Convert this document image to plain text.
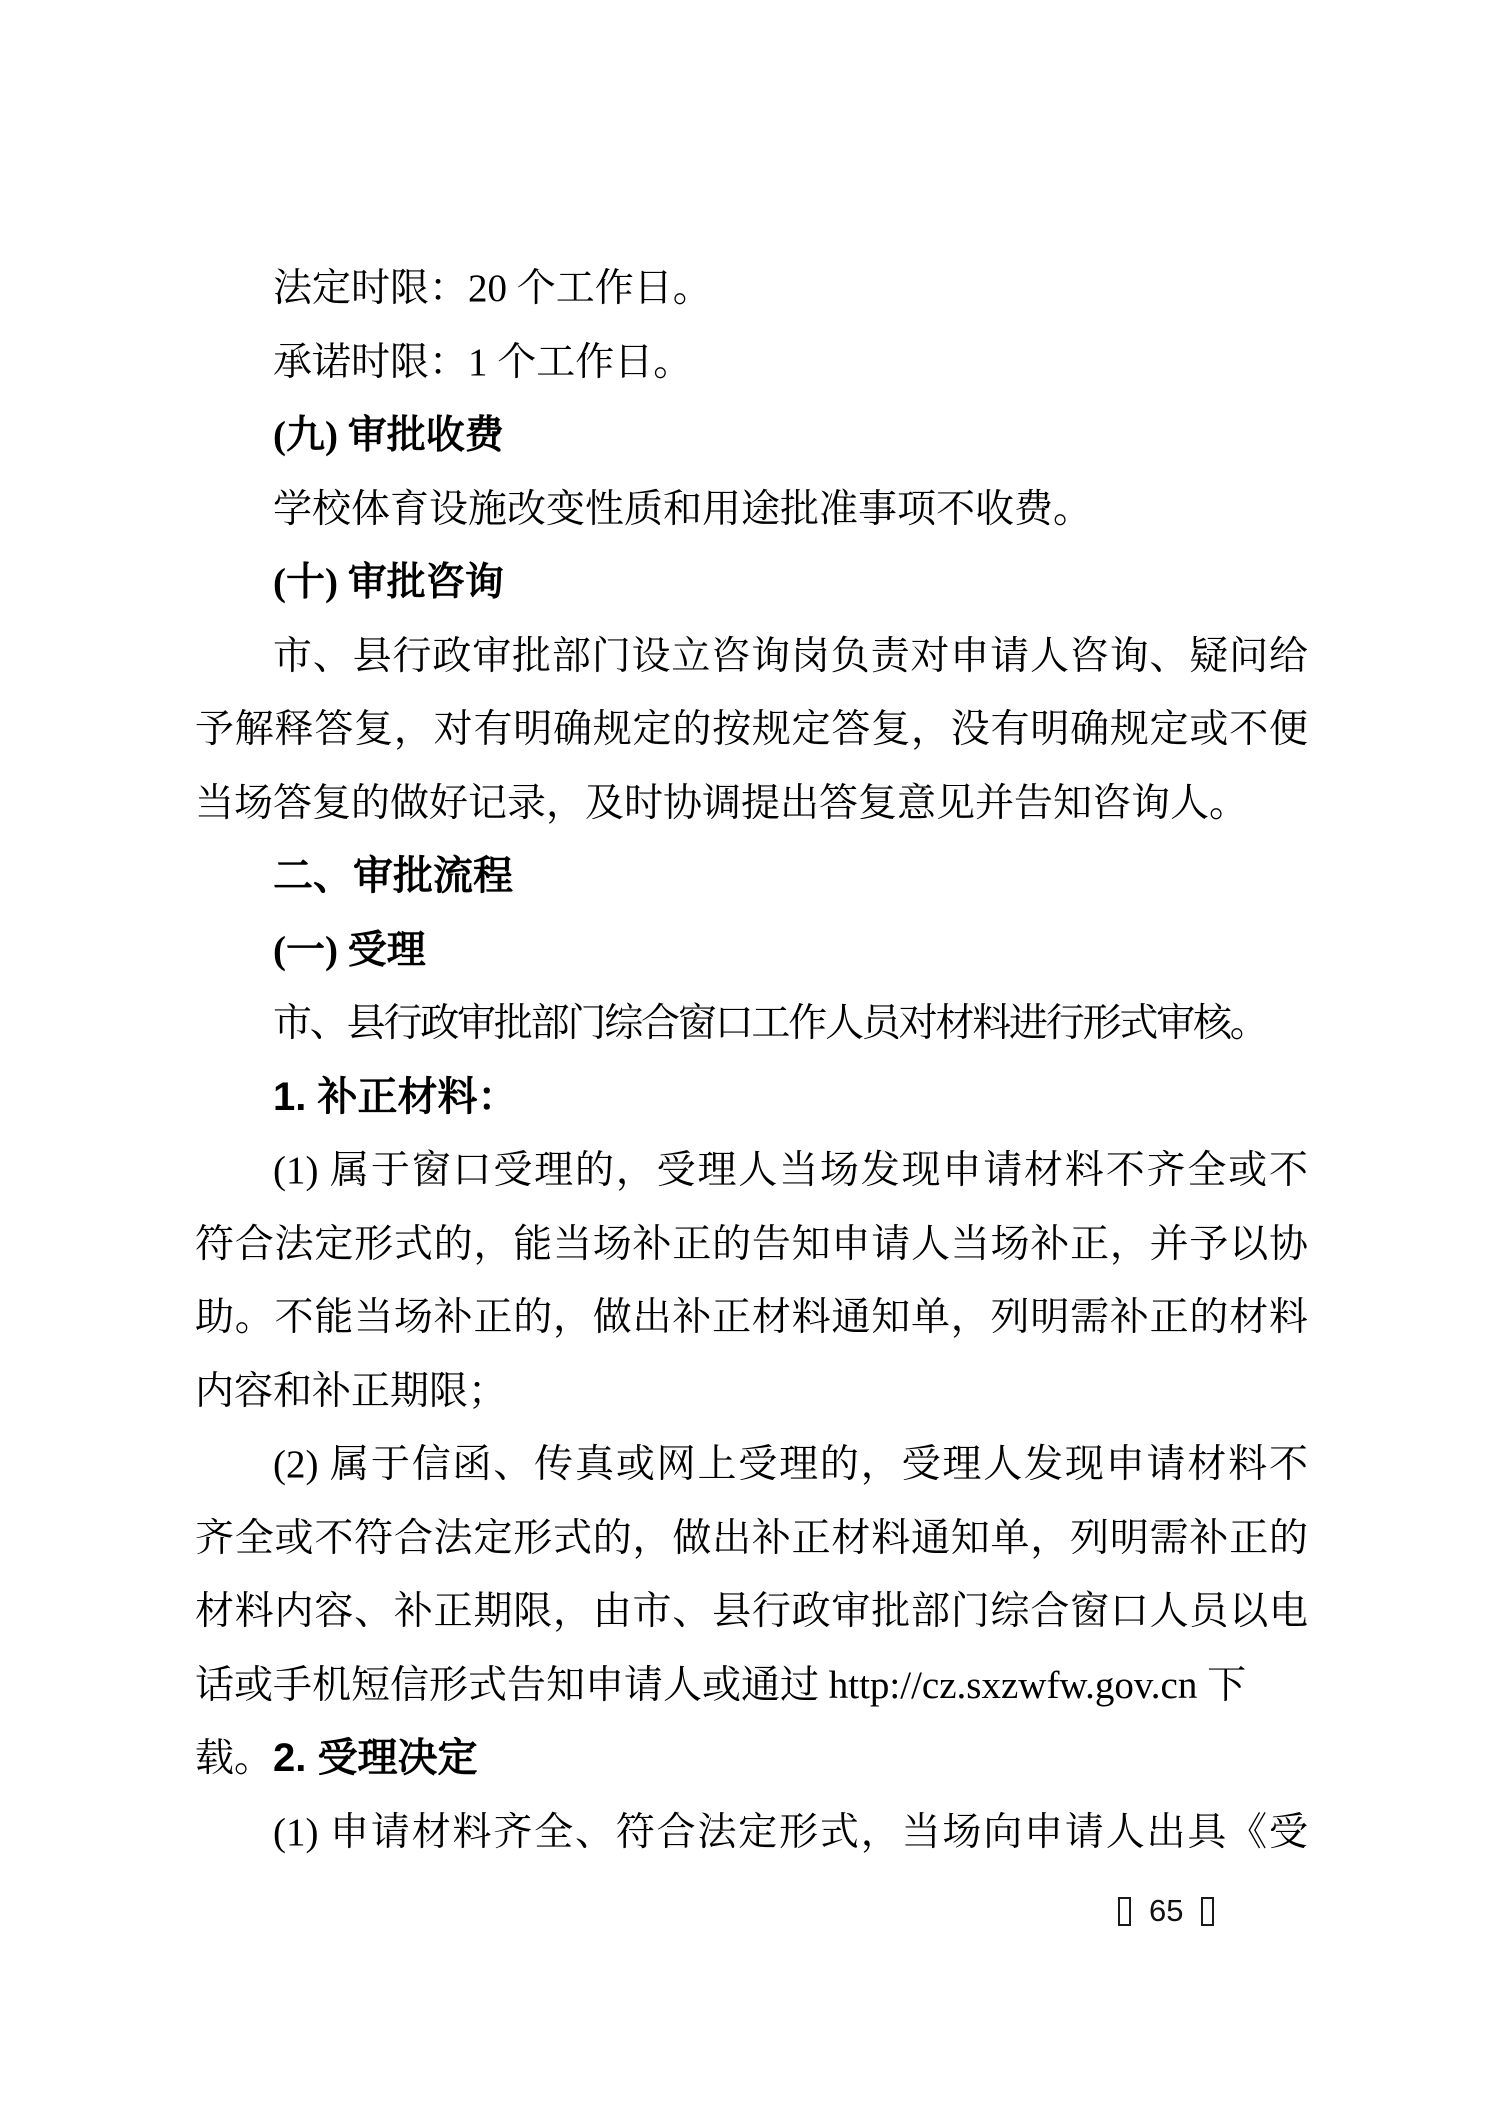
法定时限：20 个工作日。
承诺时限：1 个工作日。
(九) 审批收费
学校体育设施改变性质和用途批准事项不收费。
(十) 审批咨询
市、县行政审批部门设立咨询岗负责对申请人咨询、疑问给
予解释答复，对有明确规定的按规定答复，没有明确规定或不便
当场答复的做好记录，及时协调提出答复意见并告知咨询人。
二、审批流程
(一) 受理
市、县行政审批部门综合窗口工作人员对材料进行形式审核。
1. 补正材料：
(1) 属于窗口受理的，受理人当场发现申请材料不齐全或不
符合法定形式的，能当场补正的告知申请人当场补正，并予以协
助。不能当场补正的，做出补正材料通知单，列明需补正的材料
内容和补正期限；
(2) 属于信函、传真或网上受理的，受理人发现申请材料不
齐全或不符合法定形式的，做出补正材料通知单，列明需补正的
材料内容、补正期限，由市、县行政审批部门综合窗口人员以电
话或手机短信形式告知申请人或通过 http://cz.sxzwfw.gov.cn 下载。 2. 受理决定
(1) 申请材料齐全、符合法定形式，当场向申请人出具《受
65
